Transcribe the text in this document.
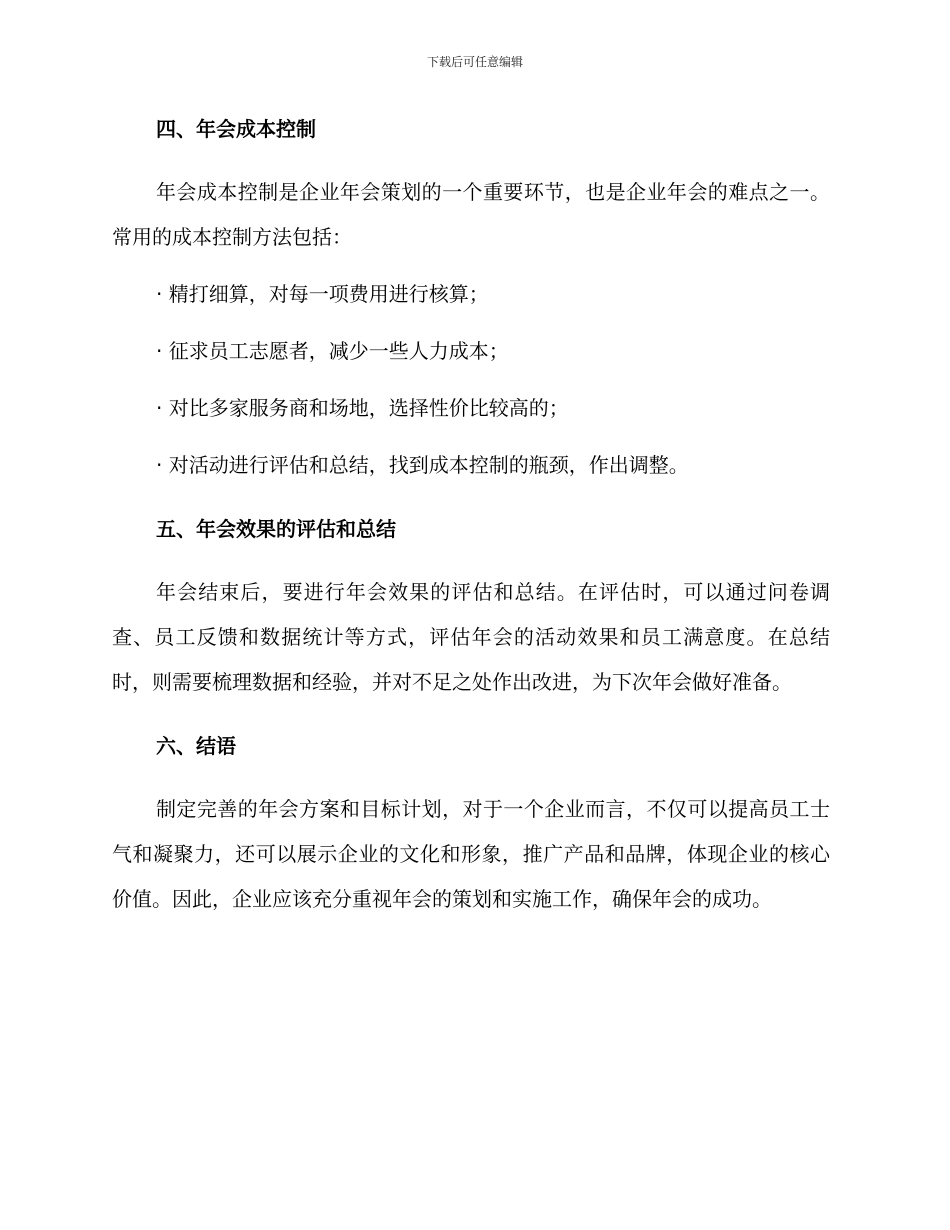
下载后可任意编辑
四、年会成本控制

年会成本控制是企业年会策划的一个重要环节，也是企业年会的难点之一。常用的成本控制方法包括：

· 精打细算，对每一项费用进行核算；

· 征求员工志愿者，减少一些人力成本；

· 对比多家服务商和场地，选择性价比较高的；

· 对活动进行评估和总结，找到成本控制的瓶颈，作出调整。

五、年会效果的评估和总结

年会结束后，要进行年会效果的评估和总结。在评估时，可以通过问卷调查、员工反馈和数据统计等方式，评估年会的活动效果和员工满意度。在总结时，则需要梳理数据和经验，并对不足之处作出改进，为下次年会做好准备。

六、结语

制定完善的年会方案和目标计划，对于一个企业而言，不仅可以提高员工士气和凝聚力，还可以展示企业的文化和形象，推广产品和品牌，体现企业的核心价值。因此，企业应该充分重视年会的策划和实施工作，确保年会的成功。
